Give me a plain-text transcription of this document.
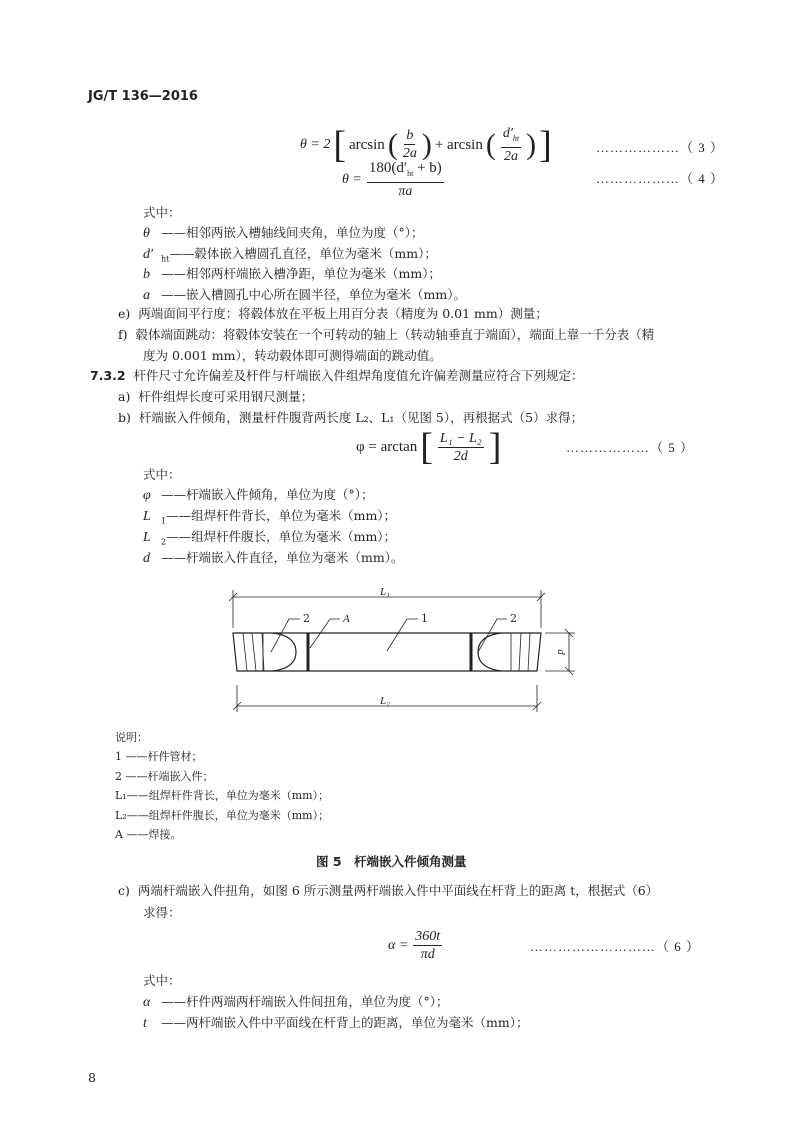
JG/T 136—2016
θ = 2 [ arcsin ( $\frac{b}{2a}$ ) + arcsin ( $\frac{d'_{ht}}{2a}$ ) ]	………………（ 3 ）
$\theta = \frac{180(d'_{ht} + b)}{\pi a}$	………………（ 4 ）
式中：
θ ——相邻两嵌入槽轴线间夹角，单位为度（°）；
d′ $_{ht}$——毂体嵌入槽圆孔直径，单位为毫米（mm）；
b ——相邻两杆端嵌入槽净距，单位为毫米（mm）；
a ——嵌入槽圆孔中心所在圆半径，单位为毫米（mm）。
e) 两端面间平行度：将毂体放在平板上用百分表（精度为 0.01 mm）测量；
f) 毂体端面跳动：将毂体安装在一个可转动的轴上（转动轴垂直于端面），端面上靠一千分表（精
度为 0.001 mm），转动毂体即可测得端面的跳动值。
7.3.2 杆件尺寸允许偏差及杆件与杆端嵌入件组焊角度值允许偏差测量应符合下列规定：
a) 杆件组焊长度可采用钢尺测量；
b) 杆端嵌入件倾角，测量杆件腹背两长度 L₂、L₁（见图 5），再根据式（5）求得；
φ = arctan [ $\frac{\text{L₁ − L₂}}{2d}$ ]	………………（ 5 ）
式中：
φ ——杆端嵌入件倾角，单位为度（°）；
L $_1$——组焊杆件背长，单位为毫米（mm）；
L $_2$——组焊杆件腹长，单位为毫米（mm）；
d ——杆端嵌入件直径，单位为毫米（mm）。
L₁
L₂
d
2	A	1	2
说明：
1 ——杆件管材；
2 ——杆端嵌入件；
L₁——组焊杆件背长，单位为毫米（mm）；
L₂——组焊杆件腹长，单位为毫米（mm）；
A ——焊接。
图 5　杆端嵌入件倾角测量
c) 两端杆端嵌入件扭角，如图 6 所示测量两杆端嵌入件中平面线在杆背上的距离 t，根据式（6）
求得：
$\alpha = \frac{360t}{\pi d}$	………………………（ 6 ）
式中：
α ——杆件两端两杆端嵌入件间扭角，单位为度（°）；
t ——两杆端嵌入件中平面线在杆背上的距离，单位为毫米（mm）；
8
